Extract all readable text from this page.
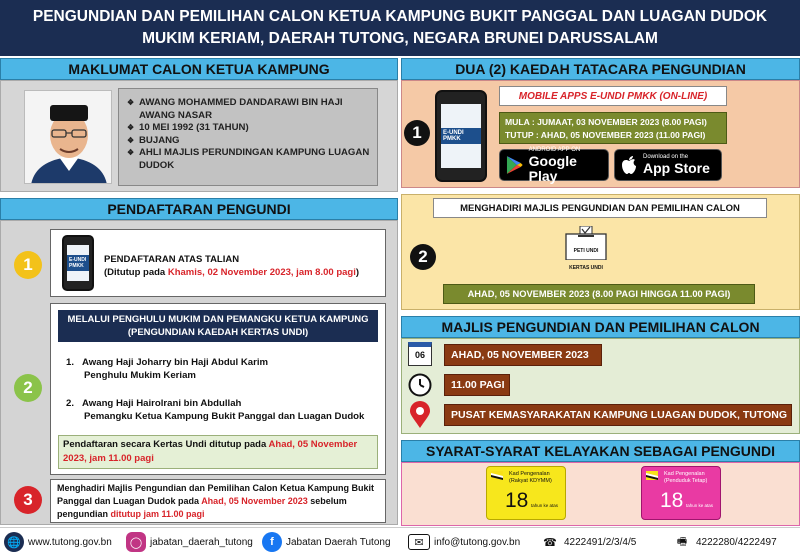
PENGUNDIAN DAN PEMILIHAN CALON KETUA KAMPUNG BUKIT PANGGAL DAN LUAGAN DUDOK
MUKIM KERIAM, DAERAH TUTONG, NEGARA BRUNEI DARUSSALAM
MAKLUMAT CALON KETUA KAMPUNG
❖ AWANG MOHAMMED DANDARAWI BIN HAJI AWANG NASAR
❖ 10 MEI 1992 (31 TAHUN)
❖ BUJANG
❖ AHLI MAJLIS PERUNDINGAN KAMPUNG LUAGAN DUDOK
PENDAFTARAN PENGUNDI
1	E-UNDI PMKK
PENDAFTARAN ATAS TALIAN
(Ditutup pada Khamis, 02 November 2023, jam 8.00 pagi)
2
MELALUI PENGHULU MUKIM DAN PEMANGKU KETUA KAMPUNG
(PENGUNDIAN KAEDAH KERTAS UNDI)
1. Awang Haji Joharry bin Haji Abdul Karim
Penghulu Mukim Keriam
2. Awang Haji Hairolrani bin Abdullah
Pemangku Ketua Kampung Bukit Panggal dan Luagan Dudok
Pendaftaran secara Kertas Undi ditutup pada Ahad, 05 November
2023, jam 11.00 pagi
3
Menghadiri Majlis Pengundian dan Pemilihan Calon Ketua Kampung Bukit
Panggal dan Luagan Dudok pada Ahad, 05 November 2023 sebelum
pengundian ditutup jam 11.00 pagi
DUA (2) KAEDAH TATACARA PENGUNDIAN
1	E-UNDI PMKK
MOBILE APPS E-UNDI PMKK (ON-LINE)
MULA : JUMAAT, 03 NOVEMBER 2023 (8.00 PAGI)
TUTUP : AHAD, 05 NOVEMBER 2023 (11.00 PAGI)
ANDROID APP ON
Google Play
Download on the
App Store
MENGHADIRI MAJLIS PENGUNDIAN DAN PEMILIHAN CALON
2	PETI UNDI
KERTAS UNDI
AHAD, 05 NOVEMBER 2023 (8.00 PAGI HINGGA 11.00 PAGI)
MAJLIS PENGUNDIAN DAN PEMILIHAN CALON
06	AHAD, 05 NOVEMBER 2023
11.00 PAGI
PUSAT KEMASYARAKATAN KAMPUNG LUAGAN DUDOK, TUTONG
SYARAT-SYARAT KELAYAKAN SEBAGAI PENGUNDI
Kad Pengenalan
(Rakyat KDYMM)
18 tahun ke atas
Kad Pengenalan
(Penduduk Tetap)
18 tahun ke atas
🌐 www.tutong.gov.bn	◯ jabatan_daerah_tutong	f	Jabatan Daerah Tutong	✉	info@tutong.gov.bn ☎ 4222491/2/3/4/5	🖷 4222280/4222497
